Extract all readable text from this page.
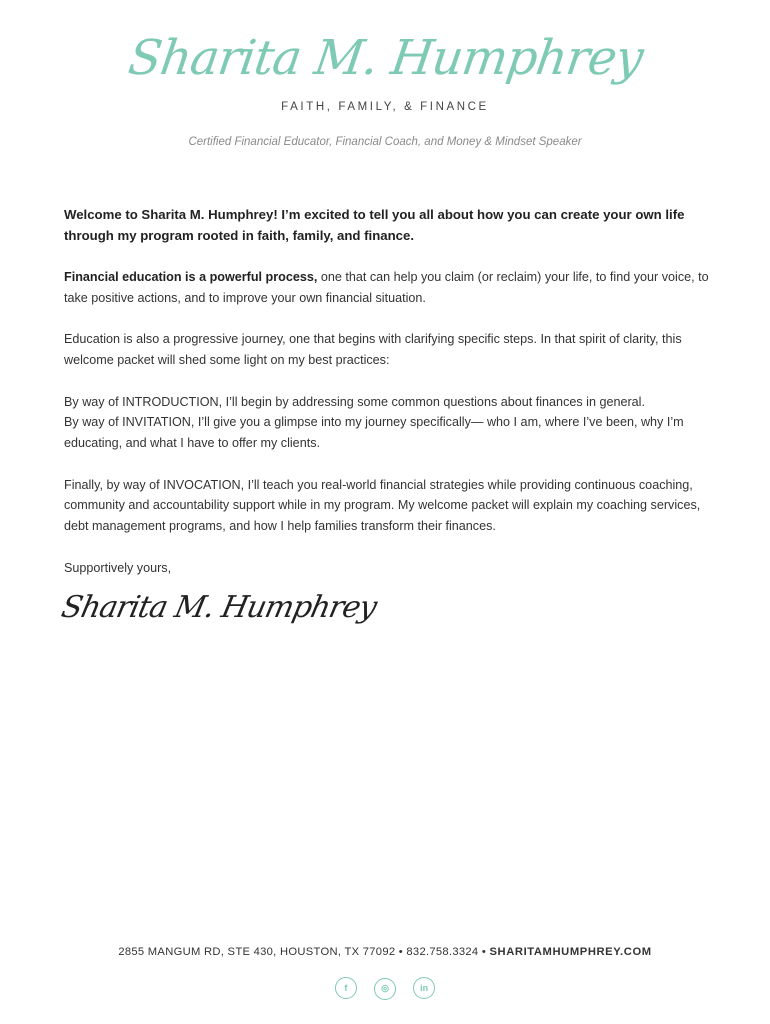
Sharita M. Humphrey
FAITH, FAMILY, & FINANCE
Certified Financial Educator, Financial Coach, and Money & Mindset Speaker

Welcome to Sharita M. Humphrey! I’m excited to tell you all about how you can create your own life through my program rooted in faith, family, and finance.

Financial education is a powerful process, one that can help you claim (or reclaim) your life, to find your voice, to take positive actions, and to improve your own financial situation.

Education is also a progressive journey, one that begins with clarifying specific steps. In that spirit of clarity, this welcome packet will shed some light on my best practices:

By way of INTRODUCTION, I’ll begin by addressing some common questions about finances in general.
By way of INVITATION, I’ll give you a glimpse into my journey specifically— who I am, where I’ve been, why I’m educating, and what I have to offer my clients.

Finally, by way of INVOCATION, I’ll teach you real-world financial strategies while providing continuous coaching, community and accountability support while in my program. My welcome packet will explain my coaching services, debt management programs, and how I help families transform their finances.

Supportively yours,

Sharita M. Humphrey
2855 MANGUM RD, STE 430, HOUSTON, TX 77092 • 832.758.3324 • SHARITAMHUMPHREY.COM
f	◎	in
